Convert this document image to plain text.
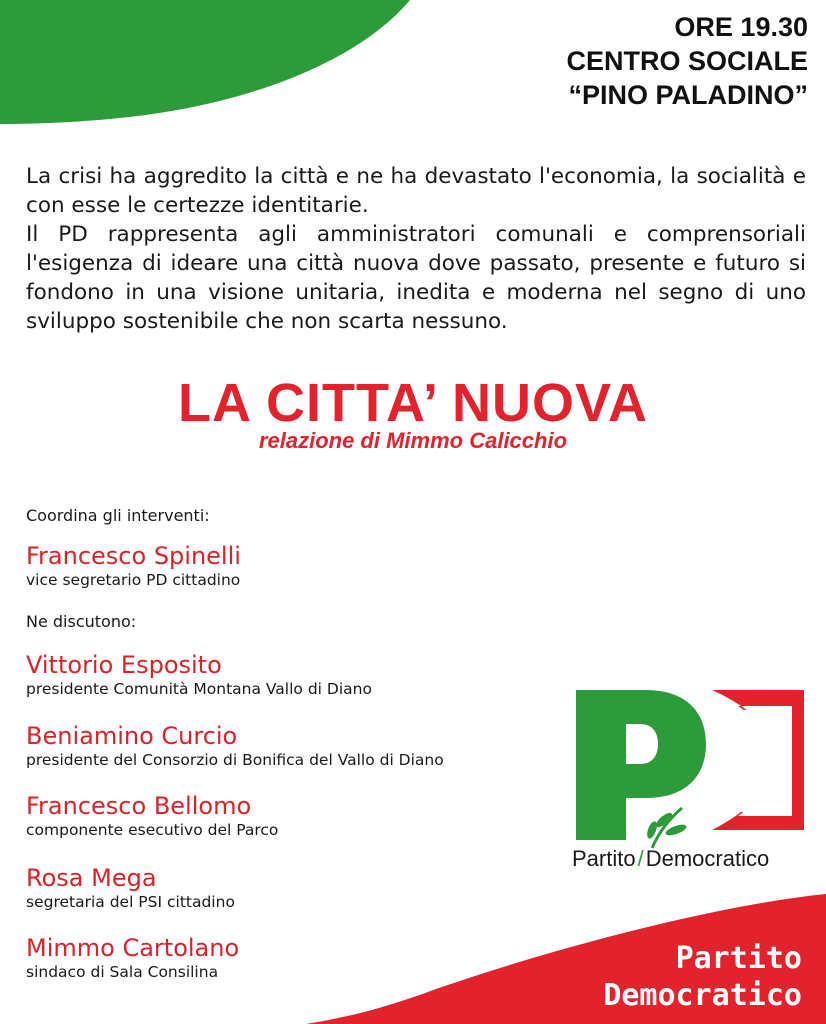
ORE 19.30
CENTRO SOCIALE
“PINO PALADINO”

La crisi ha aggredito la città e ne ha devastato l'economia, la socialità e con esse le certezze identitarie.

Il PD rappresenta agli amministratori comunali e comprensoriali l'esigenza di ideare una città nuova dove passato, presente e futuro si fondono in una visione unitaria, inedita e moderna nel segno di uno sviluppo sostenibile che non scarta nessuno.

LA CITTA’ NUOVA
relazione di Mimmo Calicchio
Coordina gli interventi:
Francesco Spinelli
vice segretario PD cittadino
Ne discutono:
Vittorio Esposito
presidente Comunità Montana Vallo di Diano
Beniamino Curcio
presidente del Consorzio di Bonifica del Vallo di Diano
Francesco Bellomo
componente esecutivo del Parco
Rosa Mega
segretaria del PSI cittadino
Mimmo Cartolano
sindaco di Sala Consilina
Partito/Democratico
Partito
Democratico
